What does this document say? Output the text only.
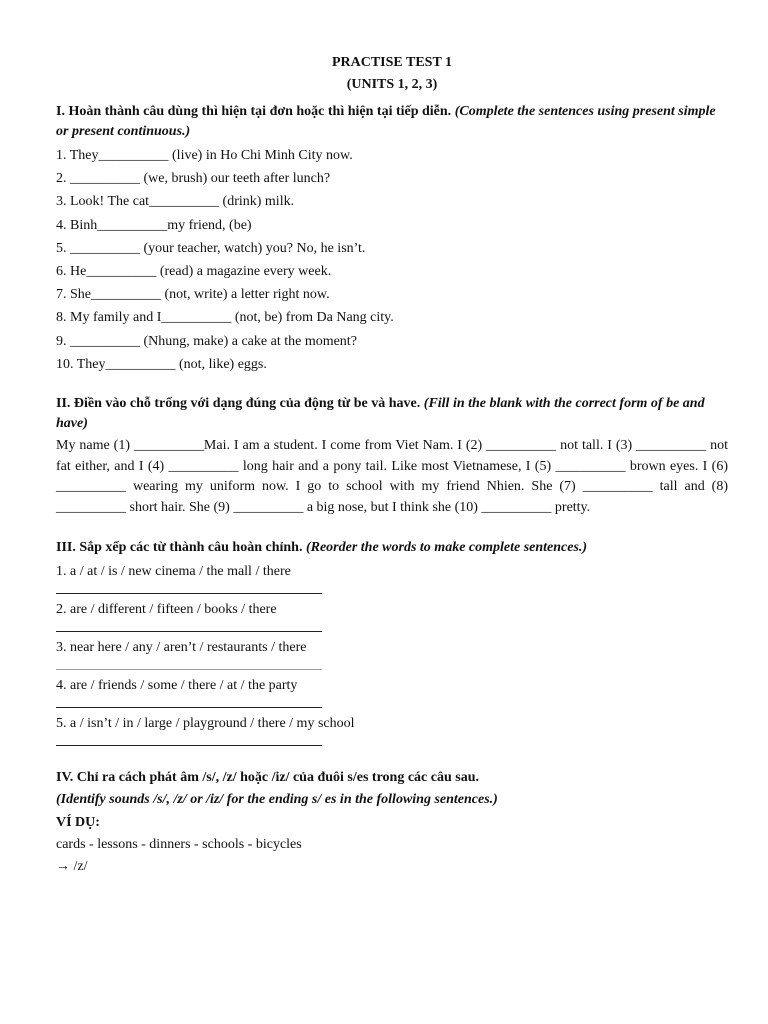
PRACTISE TEST 1
(UNITS 1, 2, 3)
I. Hoàn thành câu dùng thì hiện tại đơn hoặc thì hiện tại tiếp diễn. (Complete the sentences using present simple or present continuous.)
1. They__________ (live) in Ho Chi Minh City now.
2. __________ (we, brush) our teeth after lunch?
3. Look! The cat__________ (drink) milk.
4. Binh__________my friend, (be)
5. __________ (your teacher, watch) you? No, he isn’t.
6. He__________ (read) a magazine every week.
7. She__________ (not, write) a letter right now.
8. My family and I__________ (not, be) from Da Nang city.
9. __________ (Nhung, make) a cake at the moment?
10. They__________ (not, like) eggs.
II. Điền vào chỗ trống với dạng đúng của động từ be và have. (Fill in the blank with the correct form of be and have)
My name (1) __________Mai. I am a student. I come from Viet Nam. I (2) __________ not tall. I (3) __________ not fat either, and I (4) __________ long hair and a pony tail. Like most Vietnamese, I (5) __________ brown eyes. I (6) __________ wearing my uniform now. I go to school with my friend Nhien. She (7) __________ tall and (8) __________ short hair. She (9) __________ a big nose, but I think she (10) __________ pretty.
III. Sắp xếp các từ thành câu hoàn chỉnh. (Reorder the words to make complete sentences.)
1. a / at / is / new cinema / the mall / there
2. are / different / fifteen / books / there
3. near here / any / aren’t / restaurants / there
4. are / friends / some / there / at / the party
5. a / isn’t / in / large / playground / there / my school
IV. Chỉ ra cách phát âm /s/, /z/ hoặc /iz/ của đuôi s/es trong các câu sau.
(Identify sounds /s/, /z/ or /iz/ for the ending s/ es in the following sentences.)
VÍ DỤ:
cards - lessons - dinners - schools - bicycles
→ /z/
